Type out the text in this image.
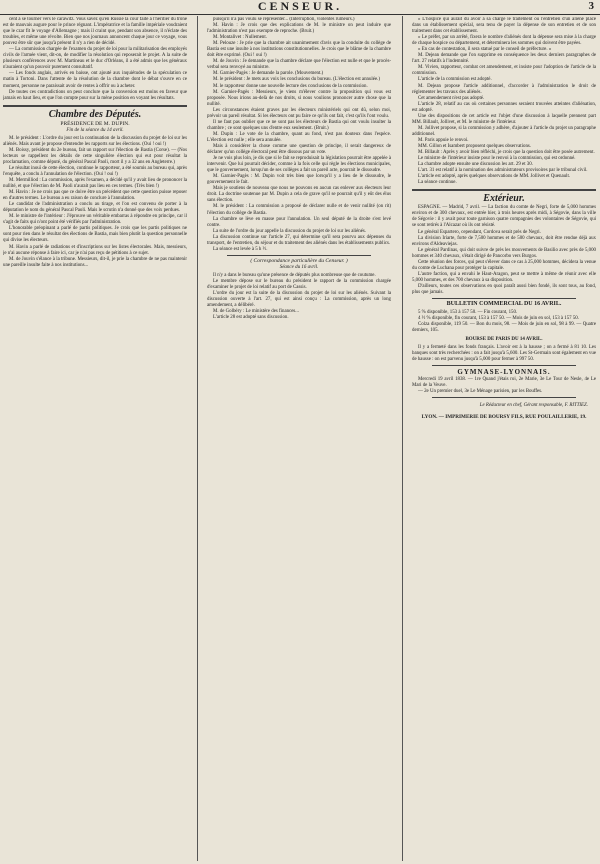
CENSEUR.	3

cent à se tourner vers le carawitz. Vous savez qu'en Russie la cour faite à l'héritier du trône est de mauvais augure pour le prince régnant. L'impératrice et la famille impériale voudraient que le czar fit le voyage d'Allemagne ; mais il craint que, pendant son absence, il n'éclate des troubles, et même une révolte. Bien que nos journaux annoncent chaque jour ce voyage, vous pouvez être sûr que jusqu'à présent il n'y a rien de décidé.

— La commission chargée de l'examen du projet de loi pour la militarisation des employés civils de l'armée vient, dit-on, de modifier la résolution qui reposerait le projet. A la suite de plusieurs conférences avec M. Martineau et le duc d'Orléans, il a été admis que les généraux n'auraient qu'un pouvoir purement consultatif.

— Les fonds anglais, arrivés en baisse, ont ajouté aux inquiétudes de la spéculation ce matin à Tortoni. Dans l'attente de la résolution de la chambre dont le débat s'ouvre en ce moment, personne ne paraissait avoir de rentes à offrir ou à acheter.

De toutes ces contradictions on peut conclure que la conversion est moins en faveur que jamais en haut lieu, et que l'on compte pour sur la mène position en voyant les résultats.

Chambre des Députés.

PRÉSIDENCE DE M. DUPIN.

Fin de la séance du 14 avril.

M. le président : L'ordre du jour est la continuation de la discussion du projet de loi sur les aliénés. Mais avant je propose d'entendre les rapports sur les élections. (Oui ! oui !)

M. Boissy, président du 2e bureau, fait un rapport sur l'élection de Bastia (Corse). — (Nos lecteurs se rappellent les détails de cette singulière élection qui eut pour résultat la proclamation, comme député, du général Pascal Paoli, mort il y a 32 ans en Angleterre.)

Le résultat inouï de cette élection, continue le rapporteur, a été soumis au bureau qui, après l'enquête, a conclu à l'annulation de l'élection. (Oui ! oui !)

M. Mermilliod : La commission, après l'examen, a décidé qu'il y avait lieu de prononcer la nullité, et que l'élection de M. Paoli n'aurait pas lieu en ces termes. (Très bien !)

M. Havin : Je ne crois pas que ce doive être un précédent que cette question puisse reposer en d'autres termes. Le bureau a eu raison de conclure à l'annulation.

Le candidat de l'administration a conclu au tirage, et l'on est convenu de porter à la députation le nom du général Pascal Paoli. Mais le scrutin n'a donné que des voix perdues.

M. le ministre de l'intérieur : J'éprouve un véritable embarras à répondre en principe, car il s'agit de faits qui n'ont point été vérifiés par l'administration.

L'honorable préopinant a parlé de partis politiques. Je crois que les partis politiques ne sont pour rien dans le résultat des élections de Bastia, mais bien plutôt la question personnelle qui divise les électeurs.

M. Havin a parlé de radiations et d'inscriptions sur les listes électorales. Mais, messieurs, je n'ai aucune réponse à faire ici, car je n'ai pas reçu de pétitions à ce sujet.

M. de Jouvin s'élance à la tribune. Messieurs, dit-il, je prie la chambre de ne pas maintenir une pareille insulte faite à nos institutions...

puisqu'il n'a pas voulu se représenter... (Interruption, violentes rumeurs.)

M. Havin : Je crois que des explications de M. le ministre on peut induire que l'administration n'est pas exempte de reproche. (Bruit.)

M. Montalivet : Nullement.

M. Pelouze : Je prie que la chambre ait unanimement d'avis que la conduite du collège de Bastia est une insulte à nos institutions constitutionnelles. Je crois que le blâme de la chambre doit être exprimé. (Oui ! oui !)

M. de Jouvin : Je demande que la chambre déclare que l'élection est nulle et que le procès-verbal sera renvoyé au ministre.

M. Garnier-Pagès : Je demande la parole. (Mouvement.)

M. le président : Je mets aux voix les conclusions du bureau. (L'élection est annulée.)

M. le rapporteur donne une nouvelle lecture des conclusions de la commission.

M. Garnier-Pagès : Messieurs, je viens m'élever contre la proposition qui vous est proposée. Nous irions au-delà de nos droits, si nous voulions prononcer autre chose que la nullité.

Les circonstances étaient graves par les électeurs ministériels qui ont dû, selon moi, prévoir un pareil résultat. Si les électeurs ont pu faire ce qu'ils ont fait, c'est qu'ils l'ont voulu.

Il ne faut pas oublier que ce ne sont pas les électeurs de Bastia qui ont voulu insulter la chambre ; ce sont quelques uns d'entre eux seulement. (Bruit.)

M. Dupin : Le vote de la chambre, quant au fond, n'est pas douteux dans l'espèce. L'élection est nulle ; elle sera annulée.

Mais à considérer la chose comme une question de principe, il serait dangereux de déclarer qu'un collège électoral peut être dissous par un vote.

Je ne vois plus loin, je dis que si le fait se reproduisait la législation pourrait être appelée à intervenir. Que lui pourrait décider, comme à la fois celle qui règle les élections municipales, que le gouvernement, lorsqu'un de ses collèges a fait un pareil acte, pourrait le dissoudre.

M. Garnier-Pagès : M. Dupin voit très bien que lorsqu'il y a lieu de le dissoudre, le gouvernement le fait.

Mais je soutiens de nouveau que nous ne pouvons en aucun cas enlever aux électeurs leur droit. La doctrine soutenue par M. Dupin a cela de grave qu'il se pourrait qu'il y eût des élus sans élection.

M. le président : La commission a proposé de déclarer nulle et de venir nullité (on rit) l'élection du collège de Bastia.

La chambre se lève en masse pour l'annulation. Un seul député de la droite s'est levé contre.

La suite de l'ordre du jour appelle la discussion du projet de loi sur les aliénés.

La discussion continue sur l'article 27, qui détermine qu'il sera pourvu aux dépenses du transport, de l'entretien, du séjour et du traitement des aliénés dans les établissements publics.

La séance est levée à 5 h ½.

( Correspondance particulière du Censeur. )

Séance du 16 avril.

Il n'y a dans le bureau qu'une présence de députés plus nombreuse que de coutume.

Le membre dépose sur le bureau du président le rapport de la commission chargée d'examiner le projet de loi relatif au port de Cassis.

L'ordre du jour est la suite de la discussion du projet de loi sur les aliénés. Suivant la discussion ouverte à l'art. 27, qui est ainsi conçu : La commission, après un long amendement, a délibéré.

M. de Golbéry : Le ministère des finances...

L'article 28 est adopté sans discussion.

» L'hospice qui aurait dû avoir à sa charge le traitement ou l'entretien d'un aliéné placé dans un établissement spécial, sera tenu de payer la dépense de son entretien et de son traitement dans cet établissement.

» Le préfet, par un arrêté, fixera le nombre d'aliénés dont la dépense sera mise à la charge de chaque hospice ou département, et déterminera les sommes qui doivent être payées.

» En cas de contestation, il sera statué par le conseil de préfecture. »

M. Dejean demande que l'on supprime en conséquence les deux derniers paragraphes de l'art. 27 relatifs à l'indemnité.

M. Vivien, rapporteur, combat cet amendement, et insiste pour l'adoption de l'article de la commission.

L'article de la commission est adopté.

M. Dejean propose l'article additionnel, d'accorder à l'administration le droit de réglementer les travaux des aliénés.

Cet amendement n'est pas adopté.

L'article 28, relatif au cas où certaines personnes seraient trouvées atteintes d'aliénation, est adopté.

Une des dispositions de cet article est l'objet d'une discussion à laquelle prennent part MM. Billault, Jollivet, et M. le ministre de l'intérieur.

M. Jollivet propose, si la commission y adhère, d'ajouter à l'article du projet un paragraphe additionnel.

M. Paris appuie le renvoi.

MM. Gillon et Isambert proposent quelques observations.

M. Billault : Après y avoir bien réfléchi, je crois que la question doit être posée autrement.

Le ministre de l'intérieur insiste pour le renvoi à la commission, qui est ordonné.

La chambre adopte ensuite une discussion les art. 29 et 30.

L'art. 31 est relatif à la nomination des administrateurs provisoires par le tribunal civil.

L'article est adopté, après quelques observations de MM. Jollivet et Quenault.

La séance continue.

Extérieur.

ESPAGNE. — Madrid, 7 avril. — La faction du comte de Negri, forte de 5,000 hommes environ et de 300 chevaux, est entrée hier, à trois heures après midi, à Ségovie, dans la ville de Ségovie : il y avait pour toute garnison quatre compagnies des volontaires de Ségovie, qui se sont retirés à l'Alcazar où ils ont résisté.

Le général Espartero, cependant, Cordova serait près de Negri.

La division Iriarte, forte de 7,500 hommes et de 500 chevaux, doit être rendue déjà aux environs d'Aldeaviejas.

Le général Pardinas, qui doit suivre de près les mouvements de Basilio avec près de 5,000 hommes et 340 chevaux, s'était dirigé de Pancorbo vers Burgos.

Cette réunion des forces, qui peut s'élever dans ce cas à 25,000 hommes, décidera la venue du comte de Luchana pour protéger la capitale.

L'autre faction, qui a envahi le Haut-Aragon, peut se mettre à même de réunir avec elle 5,000 hommes, et des 700 chevaux à sa disposition.

D'ailleurs, toutes ces observations en quoi paraît aussi bien fondé, ils sont tous, au fond, plus que jamais.

BULLETIN COMMERCIAL DU 16 AVRIL.

5 % disponible, 153 à 157 50. — Fin courant, 150.

4 ½ % disponible, fin courant, 153 à 157 50. — Mois de juin en sol, 153 à 157 50.

Colza disponible, 119 50. — Bon du mois, 98. — Mois de juin en sol, 98 à 99. — Quatre derniers, 105.

BOURSE DE PARIS DU 14 AVRIL.

Il y a fermeté dans les fonds français. L'avoir est à la hausse ; on a fermé à 81 10. Les banques sont très recherchées : on a fait jusqu'à 5,600. Les St-Germain sont également en vue de hausse : on est parvenu jusqu'à 5,000 pour fermer à 997 50.

GYMNASE-LYONNAIS.

Mercredi 19 avril 1838. — 1re Quand j'étais roi, 2e Marie, 3e Le Tour de Nesle, 4e Le Mari de la Veuve.

— 2e Un premier duel, 3e Le Ménage parisien, par les Bouffes.

Le Rédacteur en chef, Gérant responsable, F. RITTIEZ.

LYON. — IMPRIMERIE DE BOURSY FILS, RUE POULAILLERIE, 19.
